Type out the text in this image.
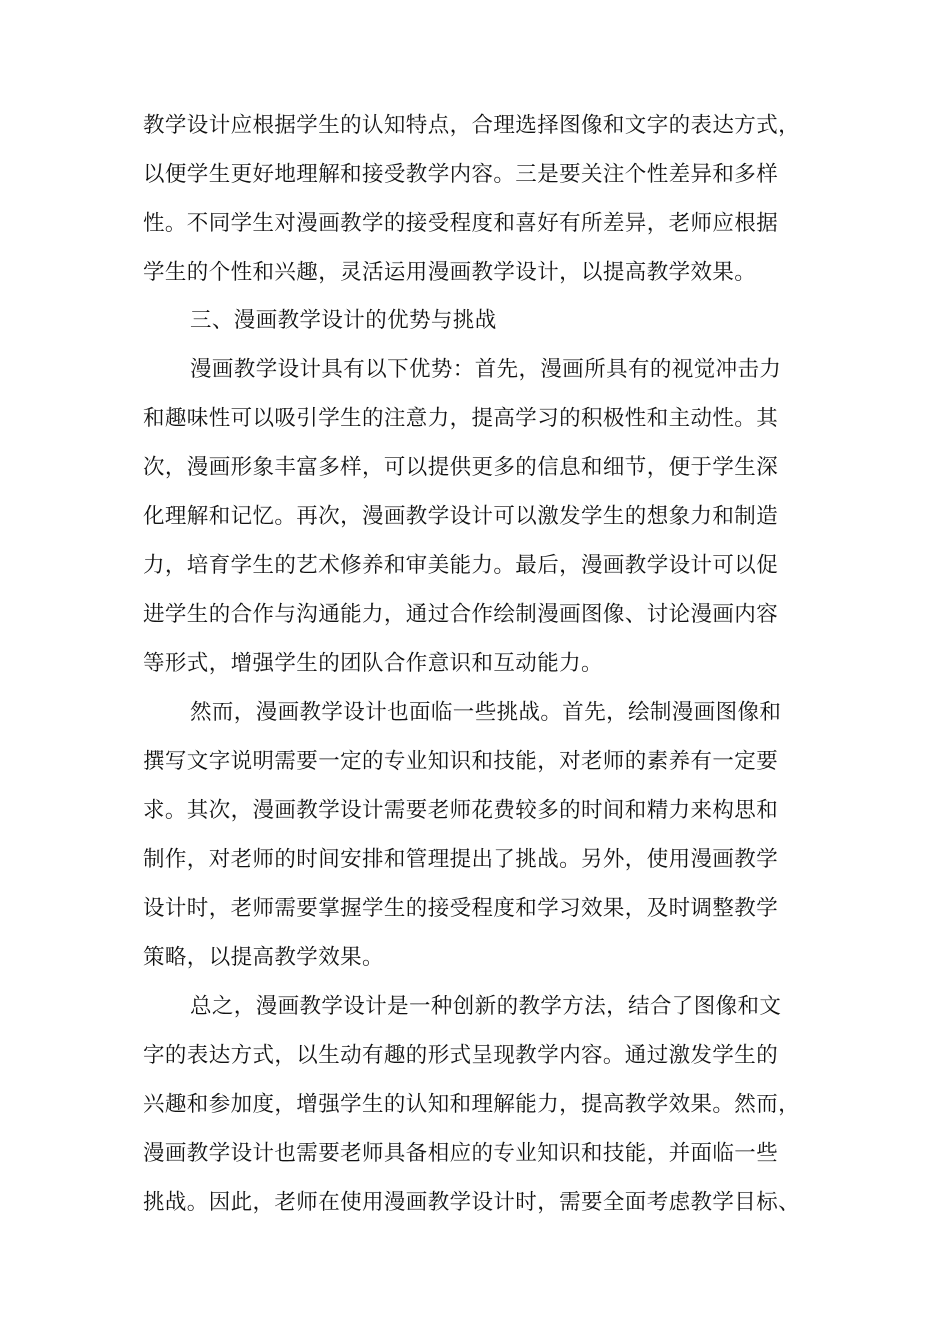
教学设计应根据学生的认知特点，合理选择图像和文字的表达方式，
以便学生更好地理解和接受教学内容。三是要关注个性差异和多样
性。不同学生对漫画教学的接受程度和喜好有所差异，老师应根据
学生的个性和兴趣，灵活运用漫画教学设计，以提高教学效果。
三、漫画教学设计的优势与挑战
漫画教学设计具有以下优势：首先，漫画所具有的视觉冲击力
和趣味性可以吸引学生的注意力，提高学习的积极性和主动性。其
次，漫画形象丰富多样，可以提供更多的信息和细节，便于学生深
化理解和记忆。再次，漫画教学设计可以激发学生的想象力和制造
力，培育学生的艺术修养和审美能力。最后，漫画教学设计可以促
进学生的合作与沟通能力，通过合作绘制漫画图像、讨论漫画内容
等形式，增强学生的团队合作意识和互动能力。
然而，漫画教学设计也面临一些挑战。首先，绘制漫画图像和
撰写文字说明需要一定的专业知识和技能，对老师的素养有一定要
求。其次，漫画教学设计需要老师花费较多的时间和精力来构思和
制作，对老师的时间安排和管理提出了挑战。另外，使用漫画教学
设计时，老师需要掌握学生的接受程度和学习效果，及时调整教学
策略，以提高教学效果。
总之，漫画教学设计是一种创新的教学方法，结合了图像和文
字的表达方式，以生动有趣的形式呈现教学内容。通过激发学生的
兴趣和参加度，增强学生的认知和理解能力，提高教学效果。然而，
漫画教学设计也需要老师具备相应的专业知识和技能，并面临一些
挑战。因此，老师在使用漫画教学设计时，需要全面考虑教学目标、
